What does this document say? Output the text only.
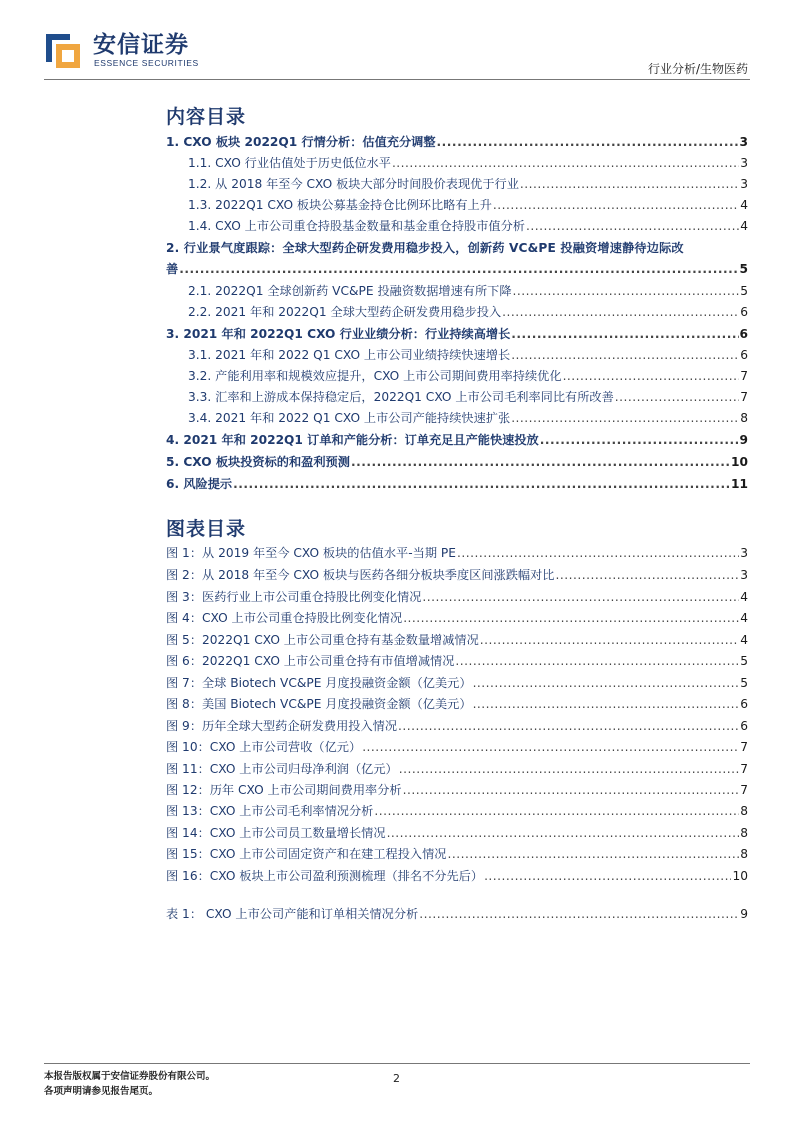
安信证券
ESSENCE SECURITIES	行业分析/生物医药
内容目录
1. CXO 板块 2022Q1 行情分析：估值充分调整 .....	3
1.1. CXO 行业估值处于历史低位水平 .....	3
1.2. 从 2018 年至今 CXO 板块大部分时间股价表现优于行业 .....	3
1.3. 2022Q1 CXO 板块公募基金持仓比例环比略有上升 .....	4
1.4. CXO 上市公司重仓持股基金数量和基金重仓持股市值分析 .....	4
2. 行业景气度跟踪：全球大型药企研发费用稳步投入，创新药 VC&PE 投融资增速静待边际改
善 .....	5
2.1. 2022Q1 全球创新药 VC&PE 投融资数据增速有所下降 .....	5
2.2. 2021 年和 2022Q1 全球大型药企研发费用稳步投入 .....	6
3. 2021 年和 2022Q1 CXO 行业业绩分析：行业持续高增长 .....	6
3.1. 2021 年和 2022 Q1 CXO 上市公司业绩持续快速增长 .....	6
3.2. 产能利用率和规模效应提升，CXO 上市公司期间费用率持续优化 .....	7
3.3. 汇率和上游成本保持稳定后，2022Q1 CXO 上市公司毛利率同比有所改善 .....	7
3.4. 2021 年和 2022 Q1 CXO 上市公司产能持续快速扩张 .....	8
4. 2021 年和 2022Q1 订单和产能分析：订单充足且产能快速投放 .....	9
5. CXO 板块投资标的和盈利预测 .....	10
6. 风险提示 .....	11
图表目录
图 1：从 2019 年至今 CXO 板块的估值水平-当期 PE .....	3
图 2：从 2018 年至今 CXO 板块与医药各细分板块季度区间涨跌幅对比 .....	3
图 3：医药行业上市公司重仓持股比例变化情况 .....	4
图 4：CXO 上市公司重仓持股比例变化情况 .....	4
图 5：2022Q1 CXO 上市公司重仓持有基金数量增减情况 .....	4
图 6：2022Q1 CXO 上市公司重仓持有市值增减情况 .....	5
图 7：全球 Biotech VC&PE 月度投融资金额（亿美元） .....	5
图 8：美国 Biotech VC&PE 月度投融资金额（亿美元） .....	6
图 9：历年全球大型药企研发费用投入情况 .....	6
图 10：CXO 上市公司营收（亿元） .....	7
图 11：CXO 上市公司归母净利润（亿元） .....	7
图 12：历年 CXO 上市公司期间费用率分析 .....	7
图 13：CXO 上市公司毛利率情况分析 .....	8
图 14：CXO 上市公司员工数量增长情况 .....	8
图 15：CXO 上市公司固定资产和在建工程投入情况 .....	8
图 16：CXO 板块上市公司盈利预测梳理（排名不分先后） .....	10
表 1： CXO 上市公司产能和订单相关情况分析 .....	9
本报告版权属于安信证券股份有限公司。
各项声明请参见报告尾页。
2
